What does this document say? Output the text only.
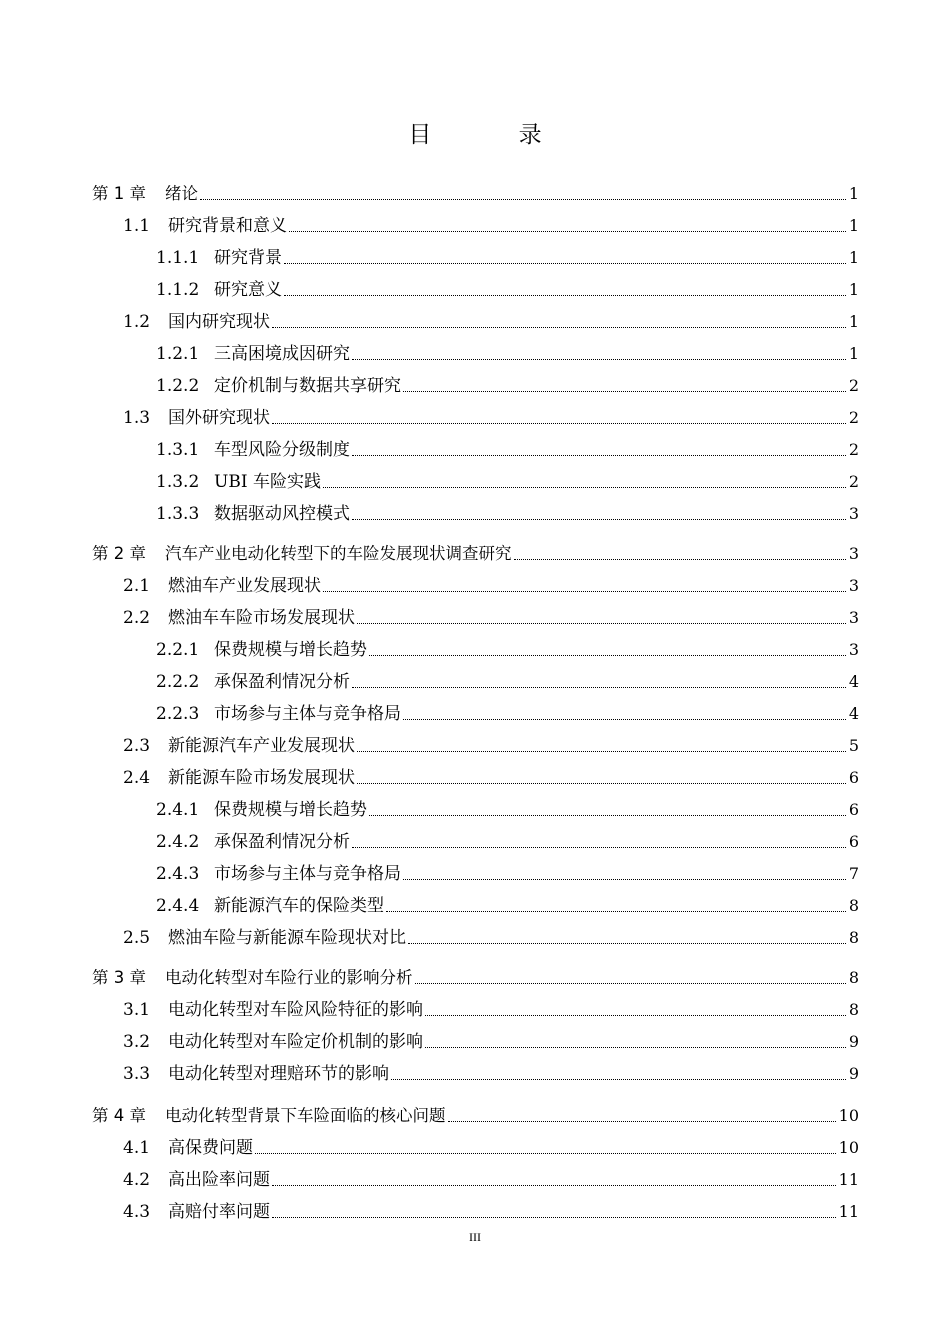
目 录
第 1 章	绪论	1
1.1	研究背景和意义	1
1.1.1 研究背景	1
1.1.2 研究意义	1
1.2	国内研究现状	1
1.2.1 三高困境成因研究	1
1.2.2 定价机制与数据共享研究	2
1.3	国外研究现状	2
1.3.1 车型风险分级制度	2
1.3.2 UBI 车险实践	2
1.3.3 数据驱动风控模式	3
第 2 章	汽车产业电动化转型下的车险发展现状调查研究	3
2.1	燃油车产业发展现状	3
2.2	燃油车车险市场发展现状	3
2.2.1 保费规模与增长趋势	3
2.2.2 承保盈利情况分析	4
2.2.3 市场参与主体与竞争格局	4
2.3	新能源汽车产业发展现状	5
2.4	新能源车险市场发展现状	6
2.4.1 保费规模与增长趋势	6
2.4.2 承保盈利情况分析	6
2.4.3 市场参与主体与竞争格局	7
2.4.4 新能源汽车的保险类型	8
2.5	燃油车险与新能源车险现状对比	8
第 3 章	电动化转型对车险行业的影响分析	8
3.1	电动化转型对车险风险特征的影响	8
3.2	电动化转型对车险定价机制的影响	9
3.3	电动化转型对理赔环节的影响	9
第 4 章	电动化转型背景下车险面临的核心问题	10
4.1	高保费问题	10
4.2	高出险率问题	11
4.3	高赔付率问题	11
III
